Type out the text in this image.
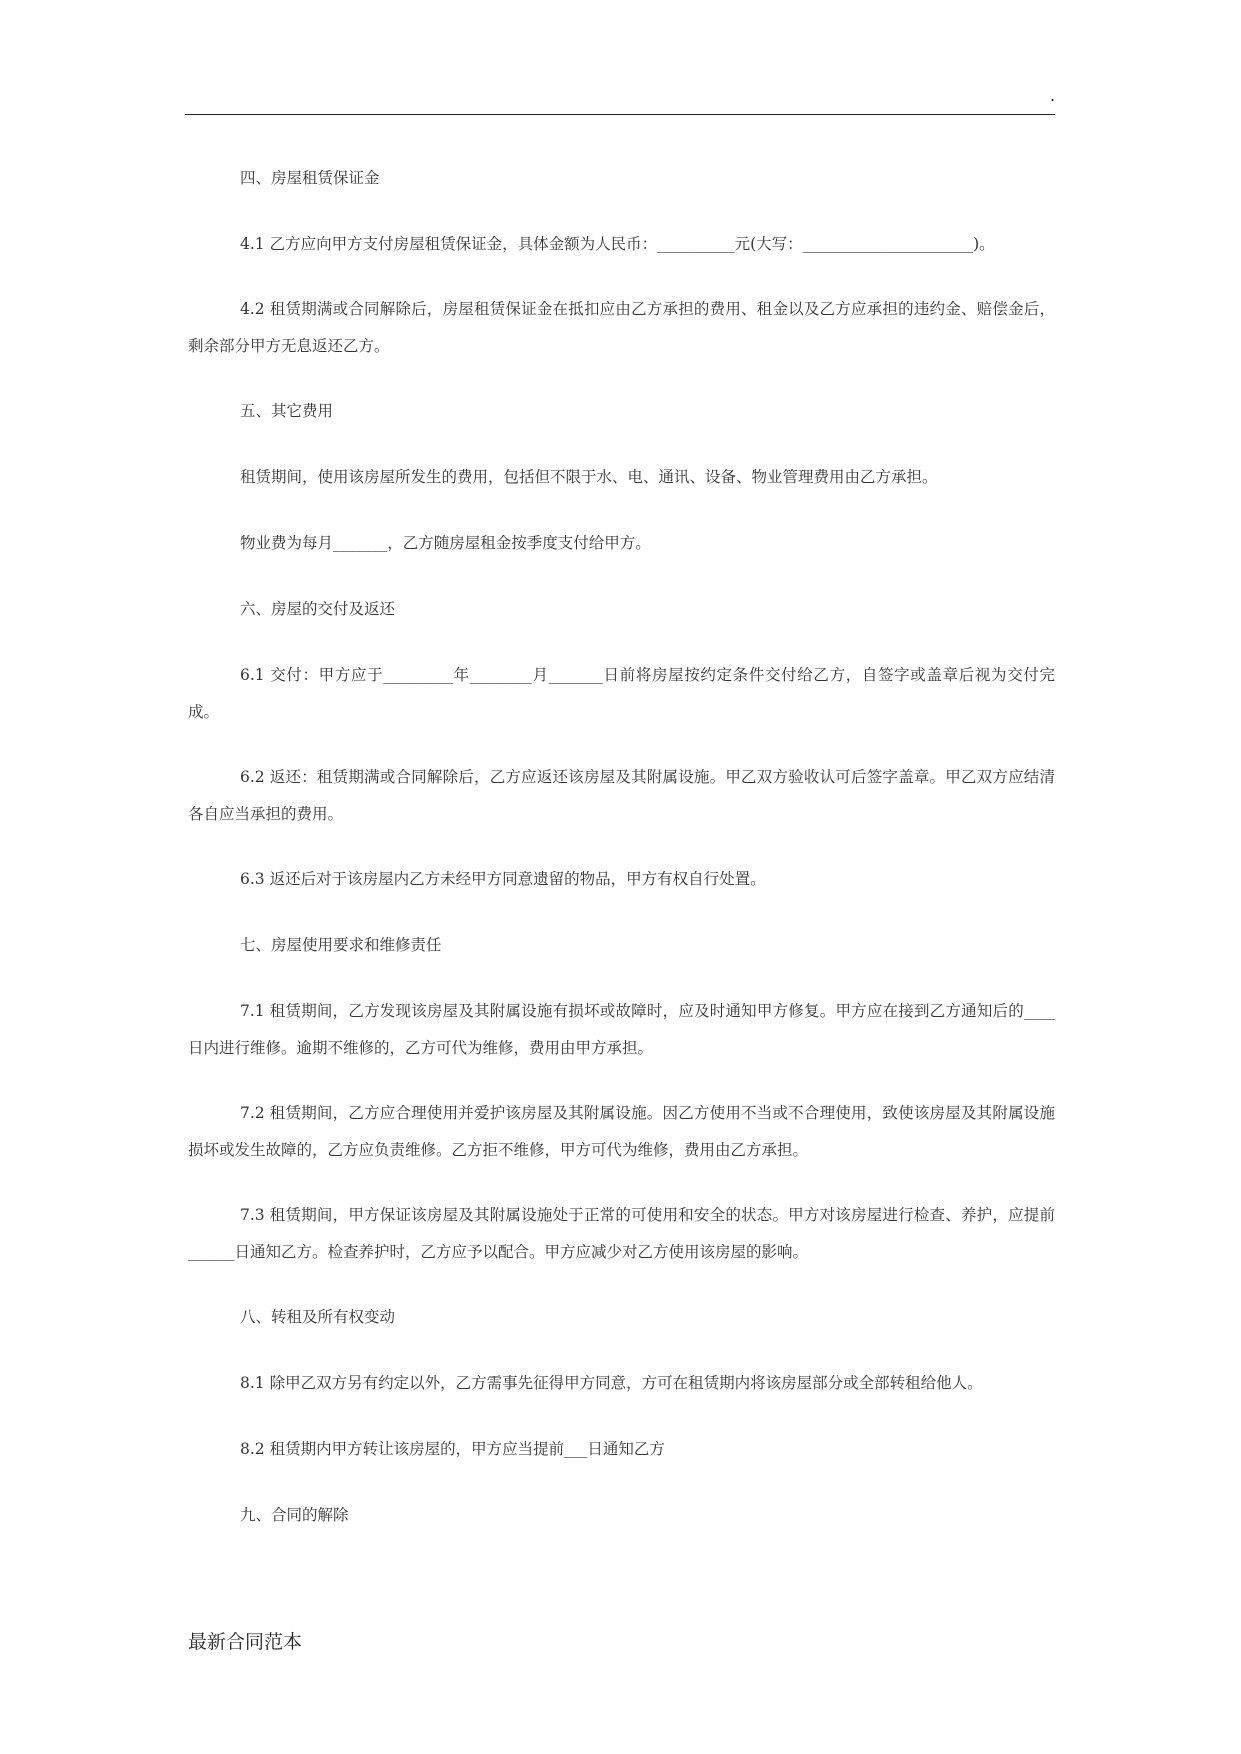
.

四、房屋租赁保证金

4.1 乙方应向甲方支付房屋租赁保证金，具体金额为人民币：__________元(大写：______________________)。

4.2 租赁期满或合同解除后，房屋租赁保证金在抵扣应由乙方承担的费用、租金以及乙方应承担的违约金、赔偿金后，剩余部分甲方无息返还乙方。

五、其它费用

租赁期间，使用该房屋所发生的费用，包括但不限于水、电、通讯、设备、物业管理费用由乙方承担。

物业费为每月_______，乙方随房屋租金按季度支付给甲方。

六、房屋的交付及返还

6.1 交付：甲方应于_________年________月_______日前将房屋按约定条件交付给乙方，自签字或盖章后视为交付完成。

6.2 返还：租赁期满或合同解除后，乙方应返还该房屋及其附属设施。甲乙双方验收认可后签字盖章。甲乙双方应结清各自应当承担的费用。

6.3 返还后对于该房屋内乙方未经甲方同意遗留的物品，甲方有权自行处置。

七、房屋使用要求和维修责任

7.1 租赁期间，乙方发现该房屋及其附属设施有损坏或故障时，应及时通知甲方修复。甲方应在接到乙方通知后的____日内进行维修。逾期不维修的，乙方可代为维修，费用由甲方承担。

7.2 租赁期间，乙方应合理使用并爱护该房屋及其附属设施。因乙方使用不当或不合理使用，致使该房屋及其附属设施损坏或发生故障的，乙方应负责维修。乙方拒不维修，甲方可代为维修，费用由乙方承担。

7.3 租赁期间，甲方保证该房屋及其附属设施处于正常的可使用和安全的状态。甲方对该房屋进行检查、养护，应提前______日通知乙方。检查养护时，乙方应予以配合。甲方应减少对乙方使用该房屋的影响。

八、转租及所有权变动

8.1 除甲乙双方另有约定以外，乙方需事先征得甲方同意，方可在租赁期内将该房屋部分或全部转租给他人。

8.2 租赁期内甲方转让该房屋的，甲方应当提前___日通知乙方

九、合同的解除

最新合同范本
